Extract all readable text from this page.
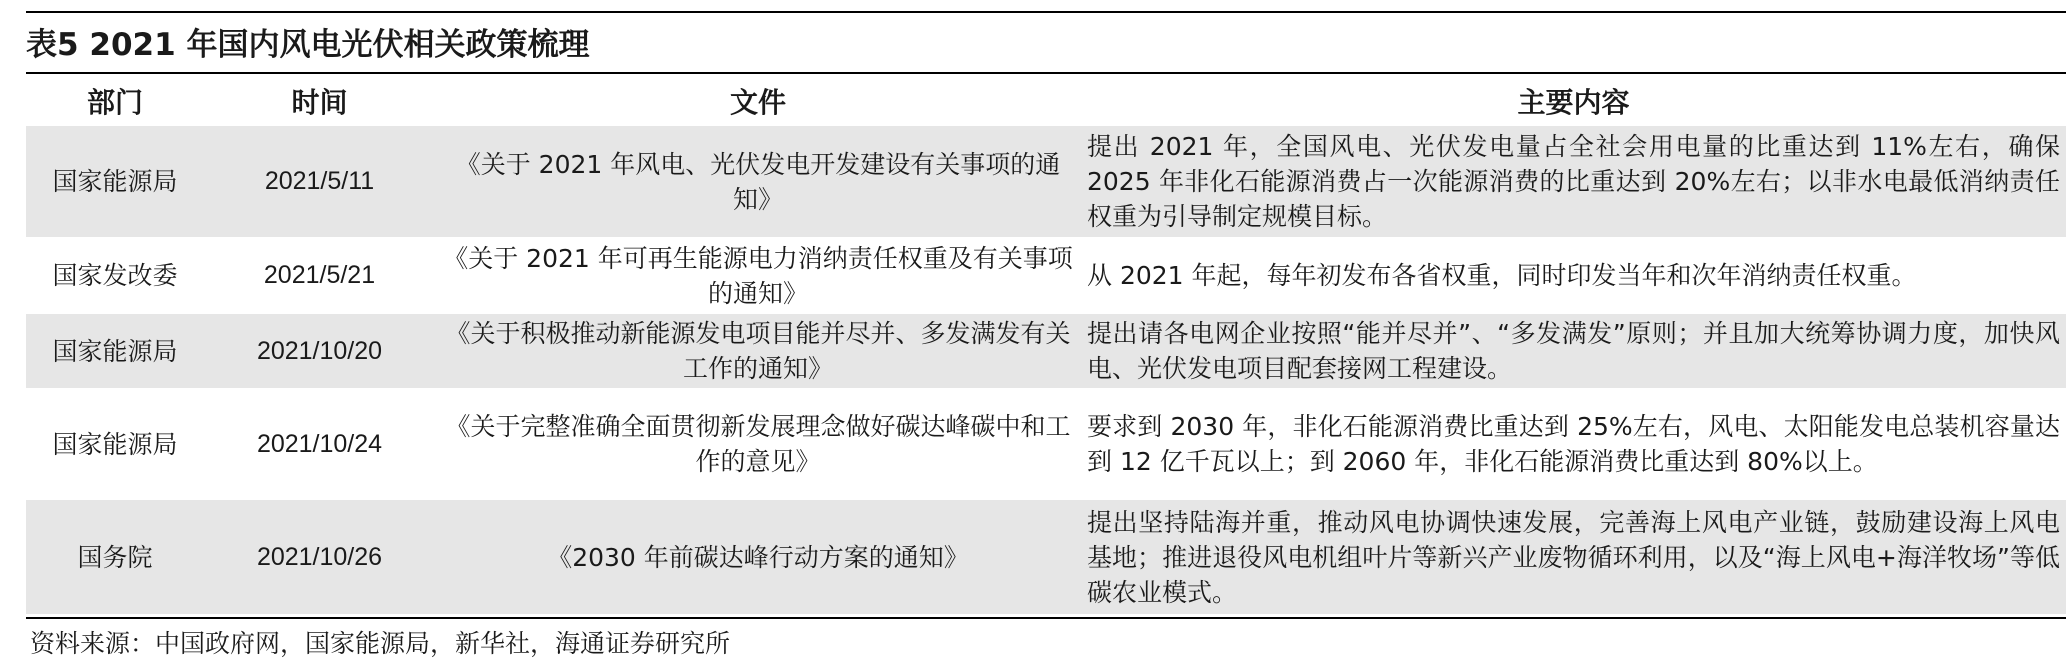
表5 2021 年国内风电光伏相关政策梳理
部门	时间	文件	主要内容
国家能源局	2021/5/11	《关于 2021 年风电、光伏发电开发建设有关事项的通知》	提出 2021 年，全国风电、光伏发电量占全社会用电量的比重达到 11%左右，确保 2025 年非化石能源消费占一次能源消费的比重达到 20%左右；以非水电最低消纳责任权重为引导制定规模目标。
国家发改委	2021/5/21	《关于 2021 年可再生能源电力消纳责任权重及有关事项的通知》	从 2021 年起，每年初发布各省权重，同时印发当年和次年消纳责任权重。
国家能源局	2021/10/20	《关于积极推动新能源发电项目能并尽并、多发满发有关工作的通知》	提出请各电网企业按照“能并尽并”、“多发满发”原则；并且加大统筹协调力度，加快风电、光伏发电项目配套接网工程建设。
国家能源局	2021/10/24	《关于完整准确全面贯彻新发展理念做好碳达峰碳中和工作的意见》	要求到 2030 年，非化石能源消费比重达到 25%左右，风电、太阳能发电总装机容量达到 12 亿千瓦以上；到 2060 年，非化石能源消费比重达到 80%以上。
国务院	2021/10/26	《2030 年前碳达峰行动方案的通知》	提出坚持陆海并重，推动风电协调快速发展，完善海上风电产业链，鼓励建设海上风电基地；推进退役风电机组叶片等新兴产业废物循环利用，以及“海上风电+海洋牧场”等低碳农业模式。
资料来源：中国政府网，国家能源局，新华社，海通证券研究所
